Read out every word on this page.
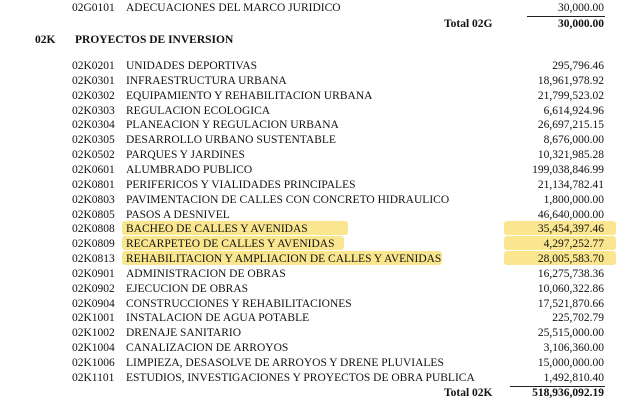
02G0101 ADECUACIONES DEL MARCO JURIDICO	30,000.00
Total 02G	30,000.00
02K PROYECTOS DE INVERSION
02K0201 UNIDADES DEPORTIVAS	295,796.46
02K0301 INFRAESTRUCTURA URBANA	18,961,978.92
02K0302 EQUIPAMIENTO Y REHABILITACION URBANA	21,799,523.02
02K0303 REGULACION ECOLOGICA	6,614,924.96
02K0304 PLANEACION Y REGULACION URBANA	26,697,215.15
02K0305 DESARROLLO URBANO SUSTENTABLE	8,676,000.00
02K0502 PARQUES Y JARDINES	10,321,985.28
02K0601 ALUMBRADO PUBLICO	199,038,846.99
02K0801 PERIFERICOS Y VIALIDADES PRINCIPALES	21,134,782.41
02K0803 PAVIMENTACION DE CALLES CON CONCRETO HIDRAULICO	1,800,000.00
02K0805 PASOS A DESNIVEL	46,640,000.00
02K0808 BACHEO DE CALLES Y AVENIDAS	35,454,397.46
02K0809 RECARPETEO DE CALLES Y AVENIDAS	4,297,252.77
02K0813 REHABILITACION Y AMPLIACION DE CALLES Y AVENIDAS	28,005,583.70
02K0901 ADMINISTRACION DE OBRAS	16,275,738.36
02K0902 EJECUCION DE OBRAS	10,060,322.86
02K0904 CONSTRUCCIONES Y REHABILITACIONES	17,521,870.66
02K1001 INSTALACION DE AGUA POTABLE	225,702.79
02K1002 DRENAJE SANITARIO	25,515,000.00
02K1004 CANALIZACION DE ARROYOS	3,106,360.00
02K1006 LIMPIEZA, DESASOLVE DE ARROYOS Y DRENE PLUVIALES	15,000,000.00
02K1101 ESTUDIOS, INVESTIGACIONES Y PROYECTOS DE OBRA PUBLICA	1,492,810.40
Total 02K	518,936,092.19
